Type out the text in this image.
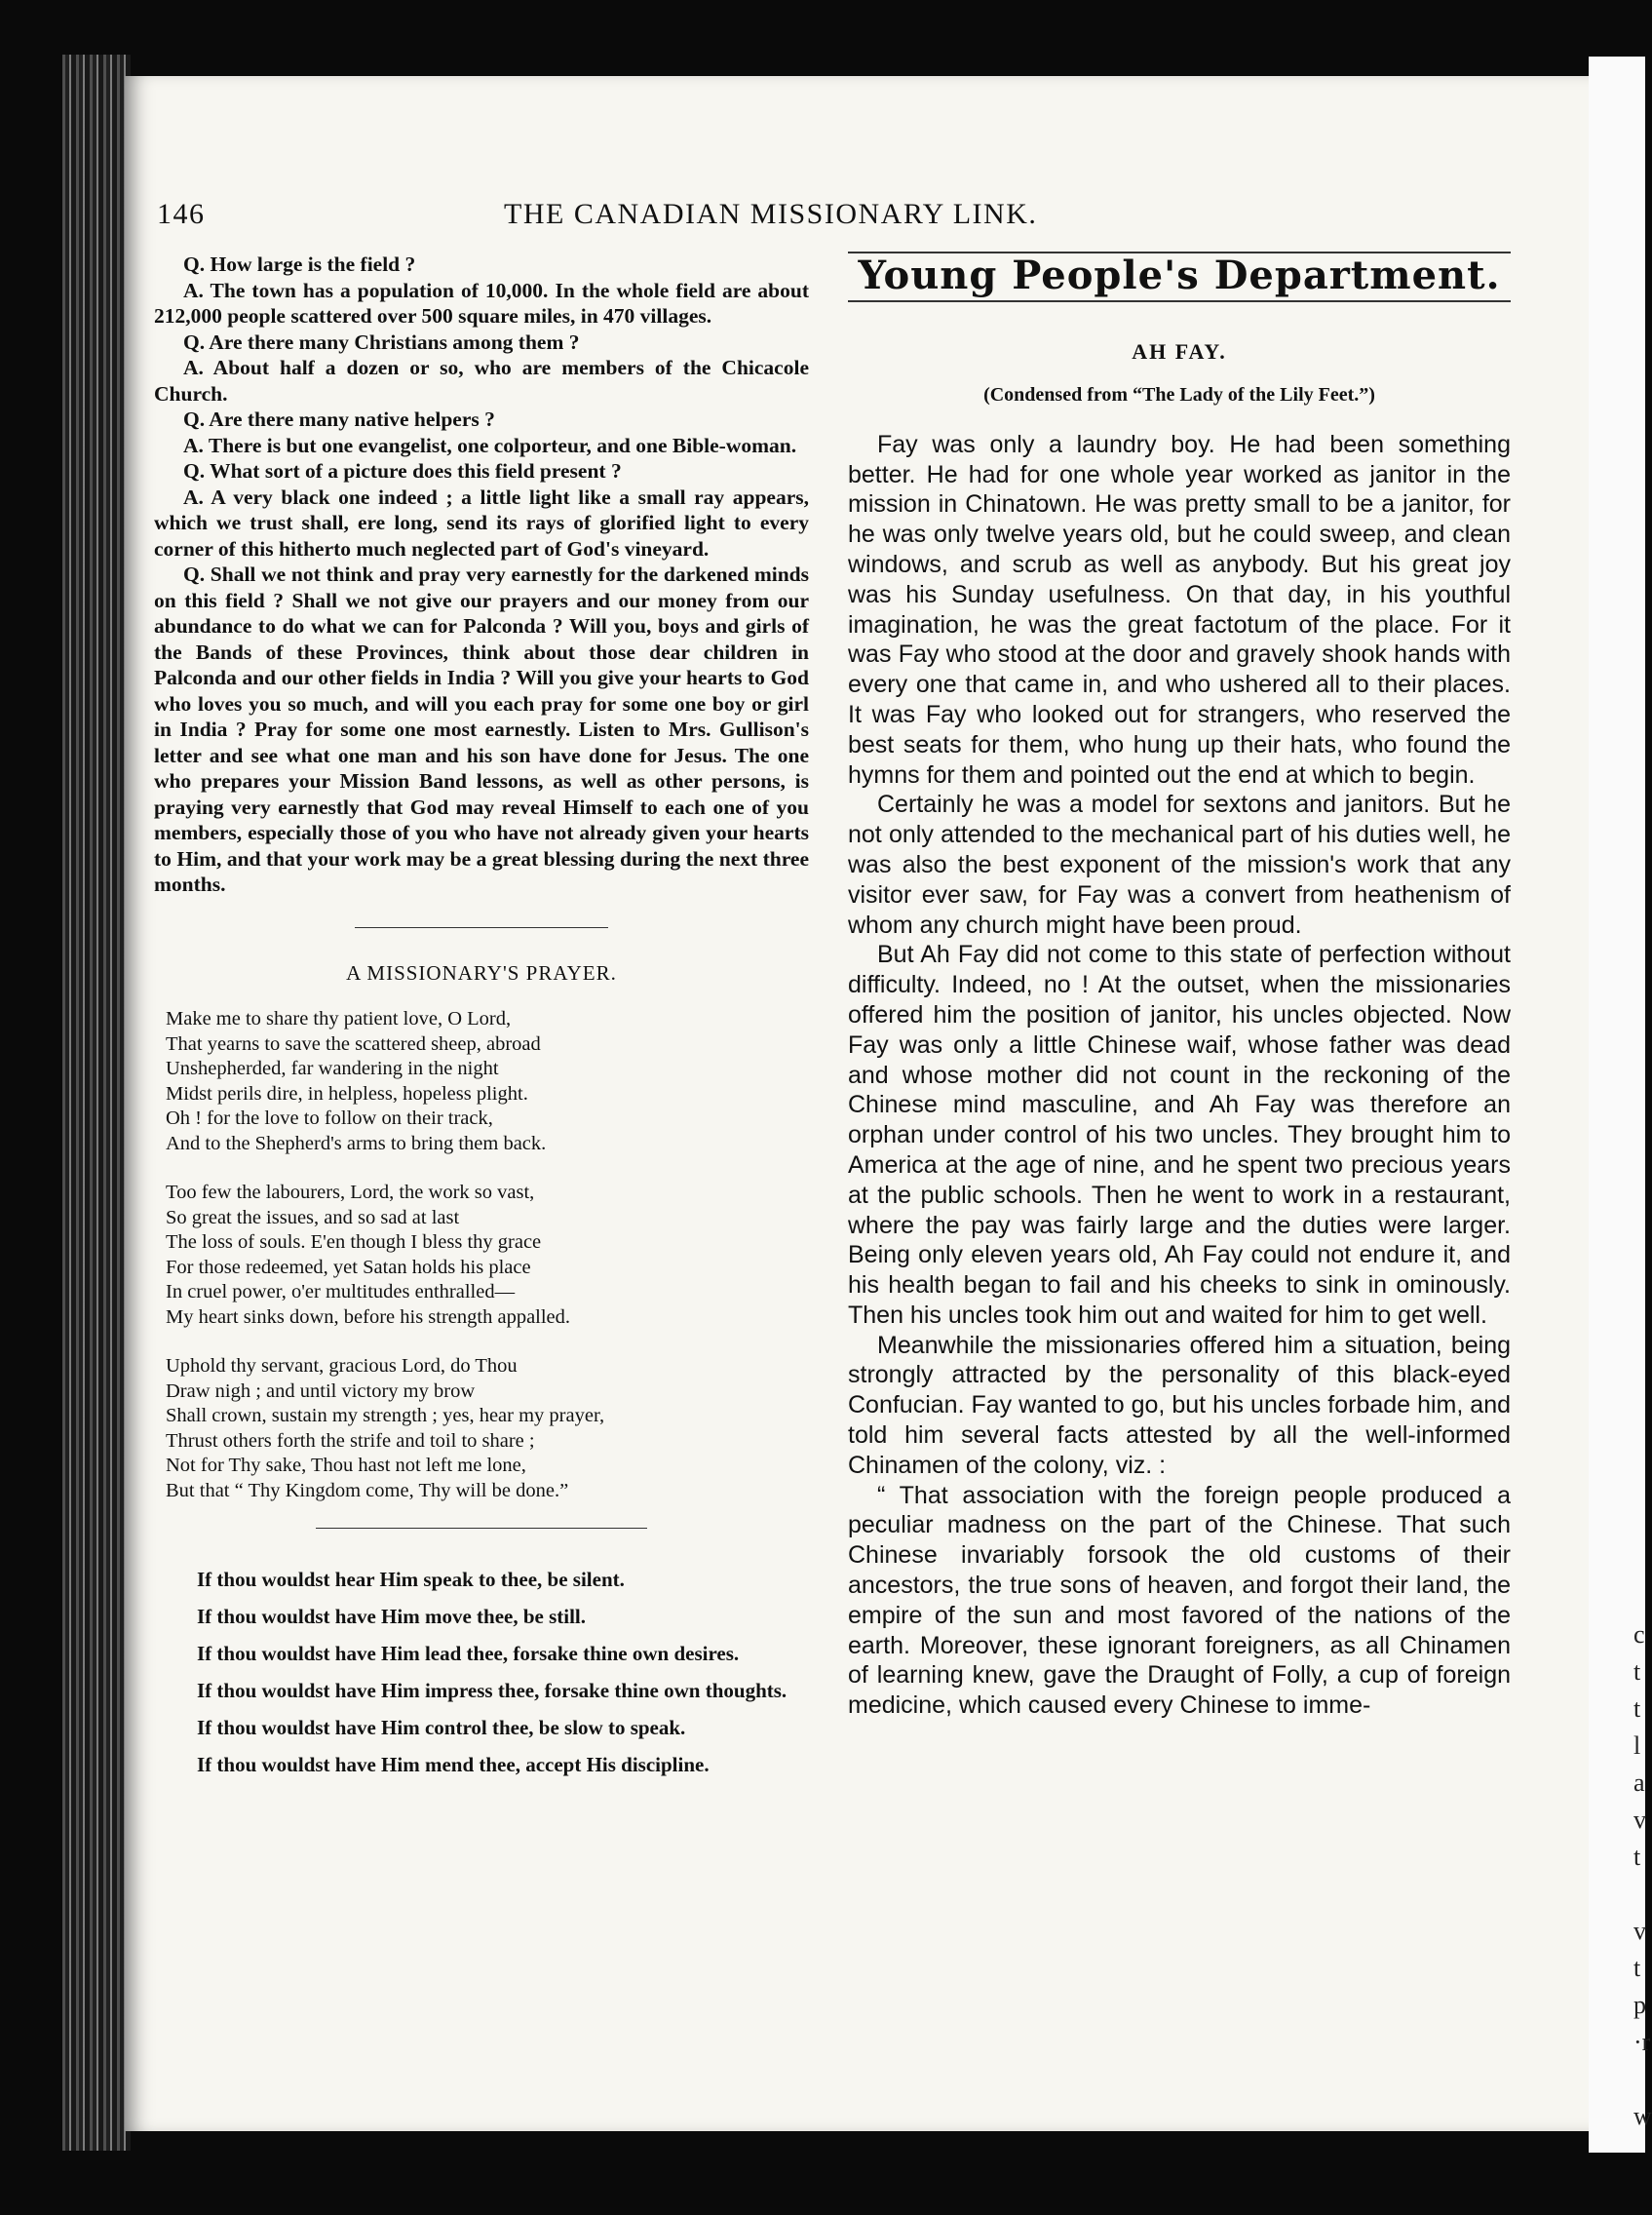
c
t
t
l
a
v
t

v
t
p
·r

w
146	THE CANADIAN MISSIONARY LINK.

Q. How large is the field ?

A. The town has a population of 10,000. In the whole field are about 212,000 people scattered over 500 square miles, in 470 villages.

Q. Are there many Christians among them ?

A. About half a dozen or so, who are members of the Chicacole Church.

Q. Are there many native helpers ?

A. There is but one evangelist, one colporteur, and one Bible-woman.

Q. What sort of a picture does this field present ?

A. A very black one indeed ; a little light like a small ray appears, which we trust shall, ere long, send its rays of glorified light to every corner of this hitherto much neglected part of God's vineyard.

Q. Shall we not think and pray very earnestly for the darkened minds on this field ? Shall we not give our prayers and our money from our abundance to do what we can for Palconda ? Will you, boys and girls of the Bands of these Provinces, think about those dear children in Palconda and our other fields in India ? Will you give your hearts to God who loves you so much, and will you each pray for some one boy or girl in India ? Pray for some one most earnestly. Listen to Mrs. Gullison's letter and see what one man and his son have done for Jesus. The one who prepares your Mission Band lessons, as well as other persons, is praying very earnestly that God may reveal Himself to each one of you members, especially those of you who have not already given your hearts to Him, and that your work may be a great blessing during the next three months.

A MISSIONARY'S PRAYER.
Make me to share thy patient love, O Lord,
That yearns to save the scattered sheep, abroad
Unshepherded, far wandering in the night
Midst perils dire, in helpless, hopeless plight.
Oh ! for the love to follow on their track,
And to the Shepherd's arms to bring them back.
Too few the labourers, Lord, the work so vast,
So great the issues, and so sad at last
The loss of souls. E'en though I bless thy grace
For those redeemed, yet Satan holds his place
In cruel power, o'er multitudes enthralled—
My heart sinks down, before his strength appalled.
Uphold thy servant, gracious Lord, do Thou
Draw nigh ; and until victory my brow
Shall crown, sustain my strength ; yes, hear my prayer,
Thrust others forth the strife and toil to share ;
Not for Thy sake, Thou hast not left me lone,
But that “ Thy Kingdom come, Thy will be done.”

If thou wouldst hear Him speak to thee, be silent.

If thou wouldst have Him move thee, be still.

If thou wouldst have Him lead thee, forsake thine own desires.

If thou wouldst have Him impress thee, forsake thine own thoughts.

If thou wouldst have Him control thee, be slow to speak.

If thou wouldst have Him mend thee, accept His discipline.

Young People's Department.
AH FAY.
(Condensed from “The Lady of the Lily Feet.”)

Fay was only a laundry boy. He had been something better. He had for one whole year worked as janitor in the mission in Chinatown. He was pretty small to be a janitor, for he was only twelve years old, but he could sweep, and clean windows, and scrub as well as anybody. But his great joy was his Sunday usefulness. On that day, in his youthful imagination, he was the great factotum of the place. For it was Fay who stood at the door and gravely shook hands with every one that came in, and who ushered all to their places. It was Fay who looked out for strangers, who reserved the best seats for them, who hung up their hats, who found the hymns for them and pointed out the end at which to begin.

Certainly he was a model for sextons and janitors. But he not only attended to the mechanical part of his duties well, he was also the best exponent of the mission's work that any visitor ever saw, for Fay was a convert from heathenism of whom any church might have been proud.

But Ah Fay did not come to this state of perfection without difficulty. Indeed, no ! At the outset, when the missionaries offered him the position of janitor, his uncles objected. Now Fay was only a little Chinese waif, whose father was dead and whose mother did not count in the reckoning of the Chinese mind masculine, and Ah Fay was therefore an orphan under control of his two uncles. They brought him to America at the age of nine, and he spent two precious years at the public schools. Then he went to work in a restaurant, where the pay was fairly large and the duties were larger. Being only eleven years old, Ah Fay could not endure it, and his health began to fail and his cheeks to sink in ominously. Then his uncles took him out and waited for him to get well.

Meanwhile the missionaries offered him a situation, being strongly attracted by the personality of this black-eyed Confucian. Fay wanted to go, but his uncles forbade him, and told him several facts attested by all the well-informed Chinamen of the colony, viz. :

“ That association with the foreign people produced a peculiar madness on the part of the Chinese. That such Chinese invariably forsook the old customs of their ancestors, the true sons of heaven, and forgot their land, the empire of the sun and most favored of the nations of the earth. Moreover, these ignorant foreigners, as all Chinamen of learning knew, gave the Draught of Folly, a cup of foreign medicine, which caused every Chinese to imme-
